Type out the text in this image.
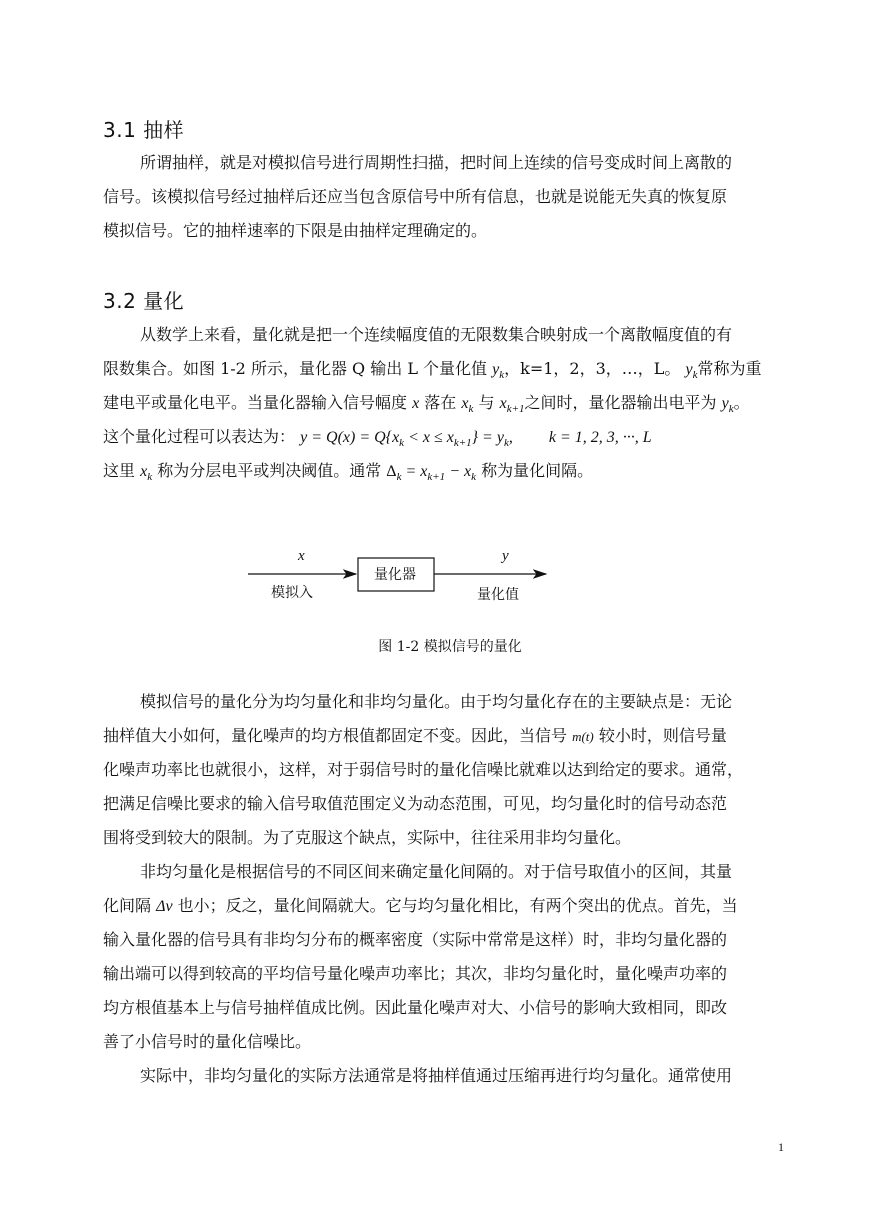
3.1 抽样
所谓抽样，就是对模拟信号进行周期性扫描，把时间上连续的信号变成时间上离散的
信号。该模拟信号经过抽样后还应当包含原信号中所有信息，也就是说能无失真的恢复原
模拟信号。它的抽样速率的下限是由抽样定理确定的。
3.2 量化
从数学上来看，量化就是把一个连续幅度值的无限数集合映射成一个离散幅度值的有
限数集合。如图 1-2 所示，量化器 Q 输出 L 个量化值 $y_k$，k=1，2，3，…，L。 $y_k$常称为重
建电平或量化电平。当量化器输入信号幅度 x 落在 $x_k$ 与 $x_{k+1}$之间时，量化器输出电平为 $y_k$。
这个量化过程可以表达为： $y = Q(x) = Q\{x_k < x \le x_{k+1}\} = y_k$, k = 1, 2, 3, ···, L
这里 $x_k$ 称为分层电平或判决阈值。通常 $\Delta_k = x_{k+1} - x_k$ 称为量化间隔。
x
模拟入
量化器
y
量化值
图 1-2 模拟信号的量化
模拟信号的量化分为均匀量化和非均匀量化。由于均匀量化存在的主要缺点是：无论
抽样值大小如何，量化噪声的均方根值都固定不变。因此，当信号 m(t) 较小时，则信号量
化噪声功率比也就很小，这样，对于弱信号时的量化信噪比就难以达到给定的要求。通常，
把满足信噪比要求的输入信号取值范围定义为动态范围，可见，均匀量化时的信号动态范
围将受到较大的限制。为了克服这个缺点，实际中，往往采用非均匀量化。
非均匀量化是根据信号的不同区间来确定量化间隔的。对于信号取值小的区间，其量
化间隔 Δv 也小；反之，量化间隔就大。它与均匀量化相比，有两个突出的优点。首先，当
输入量化器的信号具有非均匀分布的概率密度（实际中常常是这样）时，非均匀量化器的
输出端可以得到较高的平均信号量化噪声功率比；其次，非均匀量化时，量化噪声功率的
均方根值基本上与信号抽样值成比例。因此量化噪声对大、小信号的影响大致相同，即改
善了小信号时的量化信噪比。
实际中，非均匀量化的实际方法通常是将抽样值通过压缩再进行均匀量化。通常使用
1
